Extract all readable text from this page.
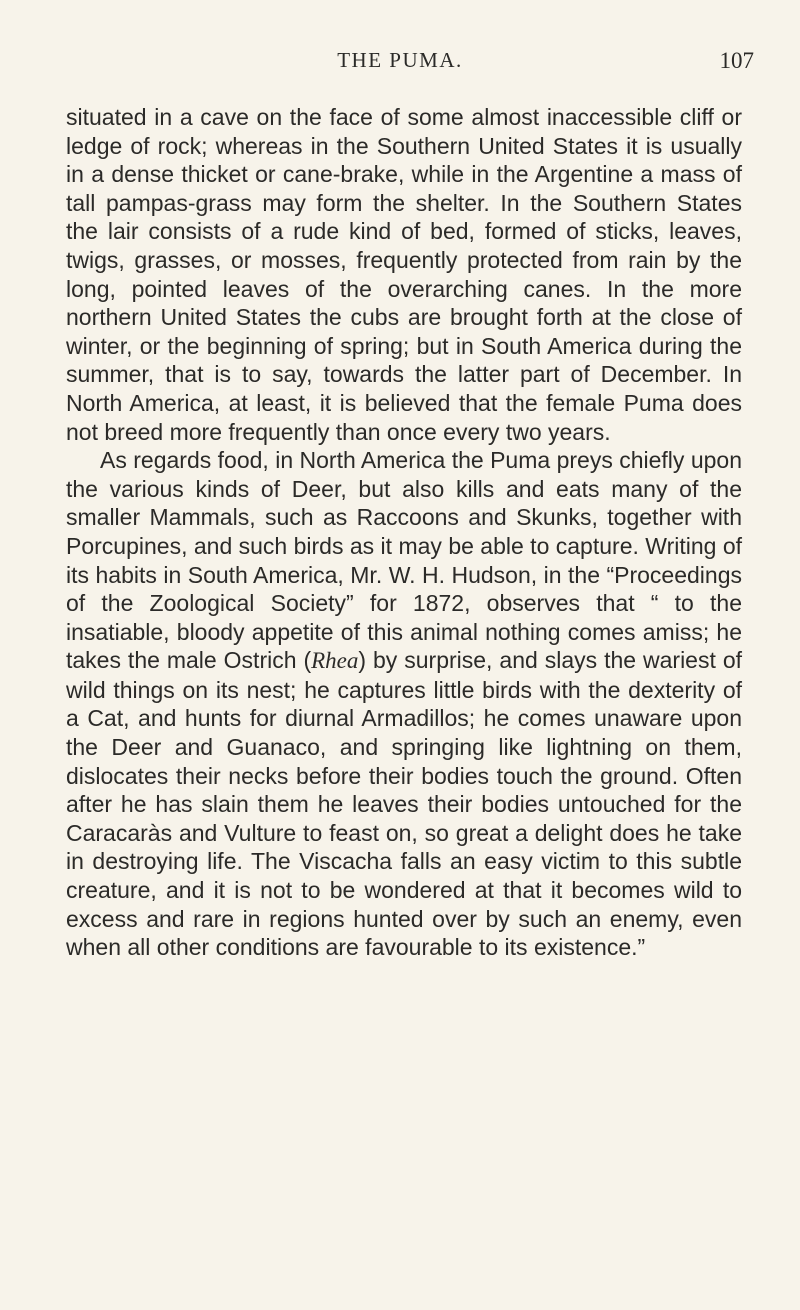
THE PUMA.	107

situated in a cave on the face of some almost inaccessible cliff or ledge of rock; whereas in the Southern United States it is usually in a dense thicket or cane-brake, while in the Argentine a mass of tall pampas-grass may form the shelter. In the Southern States the lair consists of a rude kind of bed, formed of sticks, leaves, twigs, grasses, or mosses, frequently protected from rain by the long, pointed leaves of the overarching canes. In the more northern United States the cubs are brought forth at the close of winter, or the beginning of spring; but in South America during the summer, that is to say, towards the latter part of December. In North America, at least, it is believed that the female Puma does not breed more frequently than once every two years.

As regards food, in North America the Puma preys chiefly upon the various kinds of Deer, but also kills and eats many of the smaller Mammals, such as Raccoons and Skunks, together with Porcupines, and such birds as it may be able to capture. Writing of its habits in South America, Mr. W. H. Hudson, in the “Proceedings of the Zoological Society” for 1872, observes that “ to the insatiable, bloody appetite of this animal nothing comes amiss; he takes the male Ostrich (Rhea) by surprise, and slays the wariest of wild things on its nest; he captures little birds with the dexterity of a Cat, and hunts for diurnal Armadillos; he comes unaware upon the Deer and Guanaco, and springing like lightning on them, dislocates their necks before their bodies touch the ground. Often after he has slain them he leaves their bodies untouched for the Caracaràs and Vulture to feast on, so great a delight does he take in destroying life. The Viscacha falls an easy victim to this subtle creature, and it is not to be wondered at that it becomes wild to excess and rare in regions hunted over by such an enemy, even when all other conditions are favourable to its existence.”
